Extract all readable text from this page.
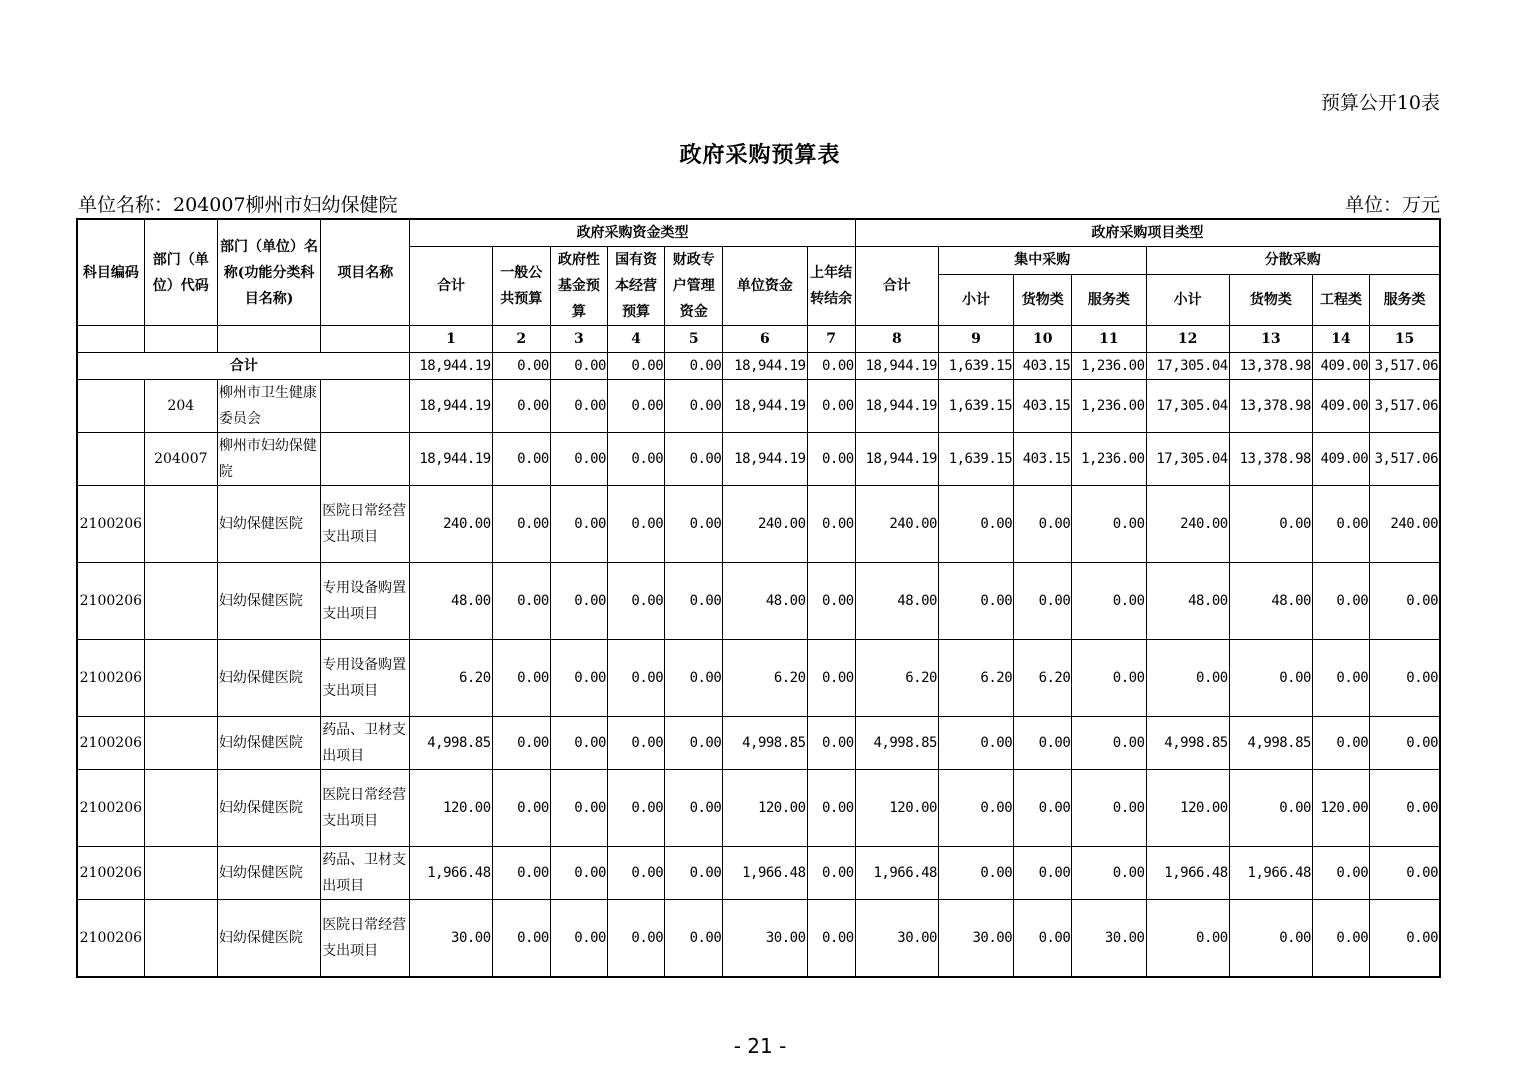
预算公开10表
政府采购预算表
单位名称：204007柳州市妇幼保健院	单位：万元
科目编码	部门（单位）代码	部门（单位）名称(功能分类科目名称)	项目名称	政府采购资金类型							政府采购项目类型							
				合计	一般公共预算	政府性基金预算	国有资本经营预算	财政专户管理资金	单位资金	上年结转结余	合计	集中采购			分散采购			
												小计	货物类	服务类	小计	货物类	工程类	服务类
				1	2	3	4	5	6	7	8	9	10	11	12	13	14	15
合计				18,944.19	0.00	0.00	0.00	0.00	18,944.19	0.00	18,944.19	1,639.15	403.15	1,236.00	17,305.04	13,378.98	409.00	3,517.06
	204	柳州市卫生健康委员会		18,944.19	0.00	0.00	0.00	0.00	18,944.19	0.00	18,944.19	1,639.15	403.15	1,236.00	17,305.04	13,378.98	409.00	3,517.06
	204007	柳州市妇幼保健院		18,944.19	0.00	0.00	0.00	0.00	18,944.19	0.00	18,944.19	1,639.15	403.15	1,236.00	17,305.04	13,378.98	409.00	3,517.06
2100206		妇幼保健医院	医院日常经营支出项目	240.00	0.00	0.00	0.00	0.00	240.00	0.00	240.00	0.00	0.00	0.00	240.00	0.00	0.00	240.00
2100206		妇幼保健医院	专用设备购置支出项目	48.00	0.00	0.00	0.00	0.00	48.00	0.00	48.00	0.00	0.00	0.00	48.00	48.00	0.00	0.00
2100206		妇幼保健医院	专用设备购置支出项目	6.20	0.00	0.00	0.00	0.00	6.20	0.00	6.20	6.20	6.20	0.00	0.00	0.00	0.00	0.00
2100206		妇幼保健医院	药品、卫材支出项目	4,998.85	0.00	0.00	0.00	0.00	4,998.85	0.00	4,998.85	0.00	0.00	0.00	4,998.85	4,998.85	0.00	0.00
2100206		妇幼保健医院	医院日常经营支出项目	120.00	0.00	0.00	0.00	0.00	120.00	0.00	120.00	0.00	0.00	0.00	120.00	0.00	120.00	0.00
2100206		妇幼保健医院	药品、卫材支出项目	1,966.48	0.00	0.00	0.00	0.00	1,966.48	0.00	1,966.48	0.00	0.00	0.00	1,966.48	1,966.48	0.00	0.00
2100206		妇幼保健医院	医院日常经营支出项目	30.00	0.00	0.00	0.00	0.00	30.00	0.00	30.00	30.00	0.00	30.00	0.00	0.00	0.00	0.00
- 21 -
